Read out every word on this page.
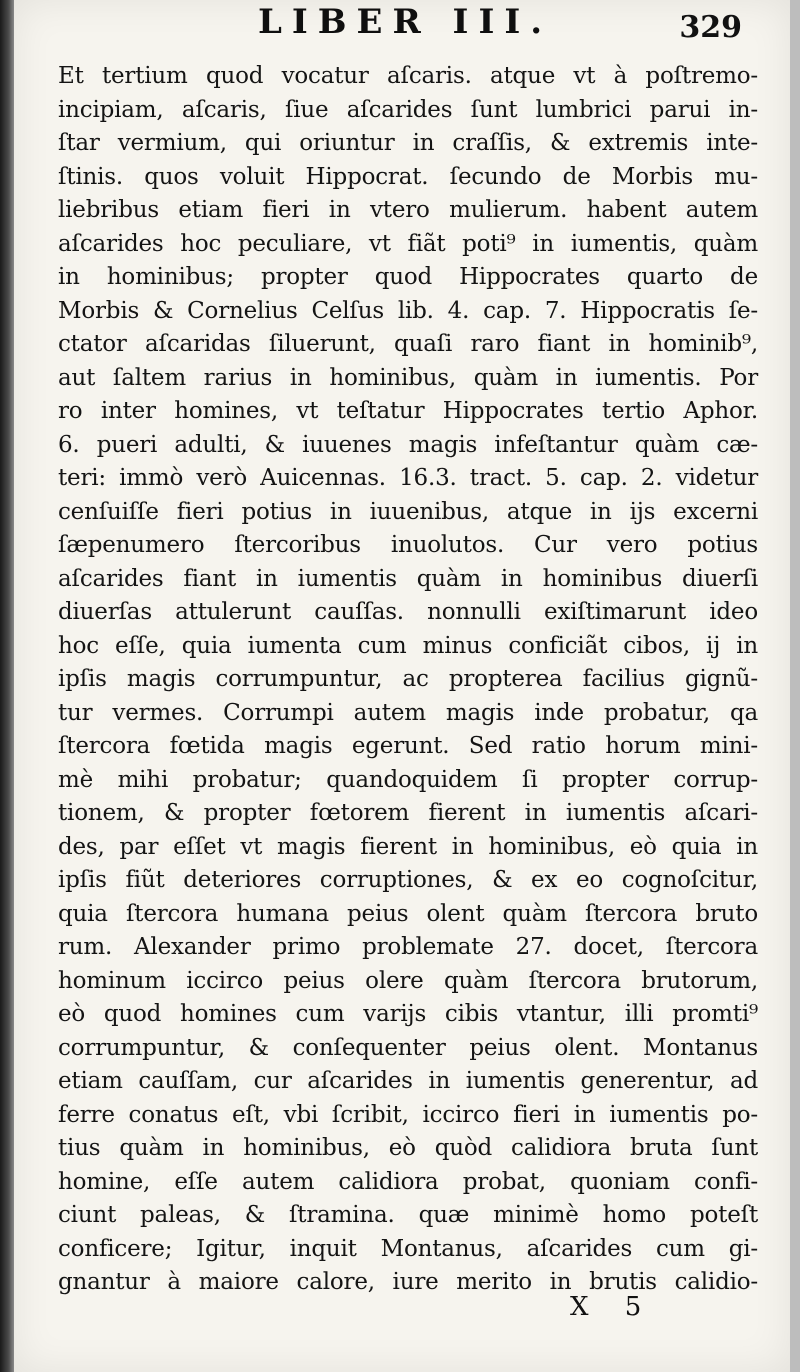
LIBER III.	329
Et tertium quod vocatur aſcaris. atque vt à poſtremo-
incipiam, aſcaris, ſiue aſcarides ſunt lumbrici parui in-
ſtar vermium, qui oriuntur in craſſis, & extremis inte-
ſtinis. quos voluit Hippocrat. ſecundo de Morbis mu-
liebribus etiam fieri in vtero mulierum. habent autem
aſcarides hoc peculiare, vt fiãt poti⁹ in iumentis, quàm
in hominibus; propter quod Hippocrates quarto de
Morbis & Cornelius Celſus lib. 4. cap. 7. Hippocratis ſe-
ctator aſcaridas ſiluerunt, quaſi raro fiant in hominib⁹,
aut ſaltem rarius in hominibus, quàm in iumentis. Por
ro inter homines, vt teſtatur Hippocrates tertio Aphor.
6. pueri adulti, & iuuenes magis infeſtantur quàm cæ-
teri: immò verò Auicennas. 16.3. tract. 5. cap. 2. videtur
cenſuiſſe fieri potius in iuuenibus, atque in ijs excerni
ſæpenumero ſtercoribus inuolutos. Cur vero potius
aſcarides fiant in iumentis quàm in hominibus diuerſi
diuerſas attulerunt cauſſas. nonnulli exiſtimarunt ideo
hoc eſſe, quia iumenta cum minus conficiãt cibos, ij in
ipſis magis corrumpuntur, ac propterea facilius gignũ-
tur vermes. Corrumpi autem magis inde probatur, qa
ſtercora fœtida magis egerunt. Sed ratio horum mini-
mè mihi probatur; quandoquidem ſi propter corrup-
tionem, & propter fœtorem fierent in iumentis aſcari-
des, par eſſet vt magis fierent in hominibus, eò quia in
ipſis fiũt deteriores corruptiones, & ex eo cognoſcitur,
quia ſtercora humana peius olent quàm ſtercora bruto
rum. Alexander primo problemate 27. docet, ſtercora
hominum iccirco peius olere quàm ſtercora brutorum,
eò quod homines cum varijs cibis vtantur, illi promti⁹
corrumpuntur, & conſequenter peius olent. Montanus
etiam cauſſam, cur aſcarides in iumentis generentur, ad
ferre conatus eſt, vbi ſcribit, iccirco fieri in iumentis po-
tius quàm in hominibus, eò quòd calidiora bruta ſunt
homine, eſſe autem calidiora probat, quoniam confi-
ciunt paleas, & ſtramina. quæ minimè homo poteſt
conficere; Igitur, inquit Montanus, aſcarides cum gi-
gnantur à maiore calore, iure merito in brutis calidio-
X 5
